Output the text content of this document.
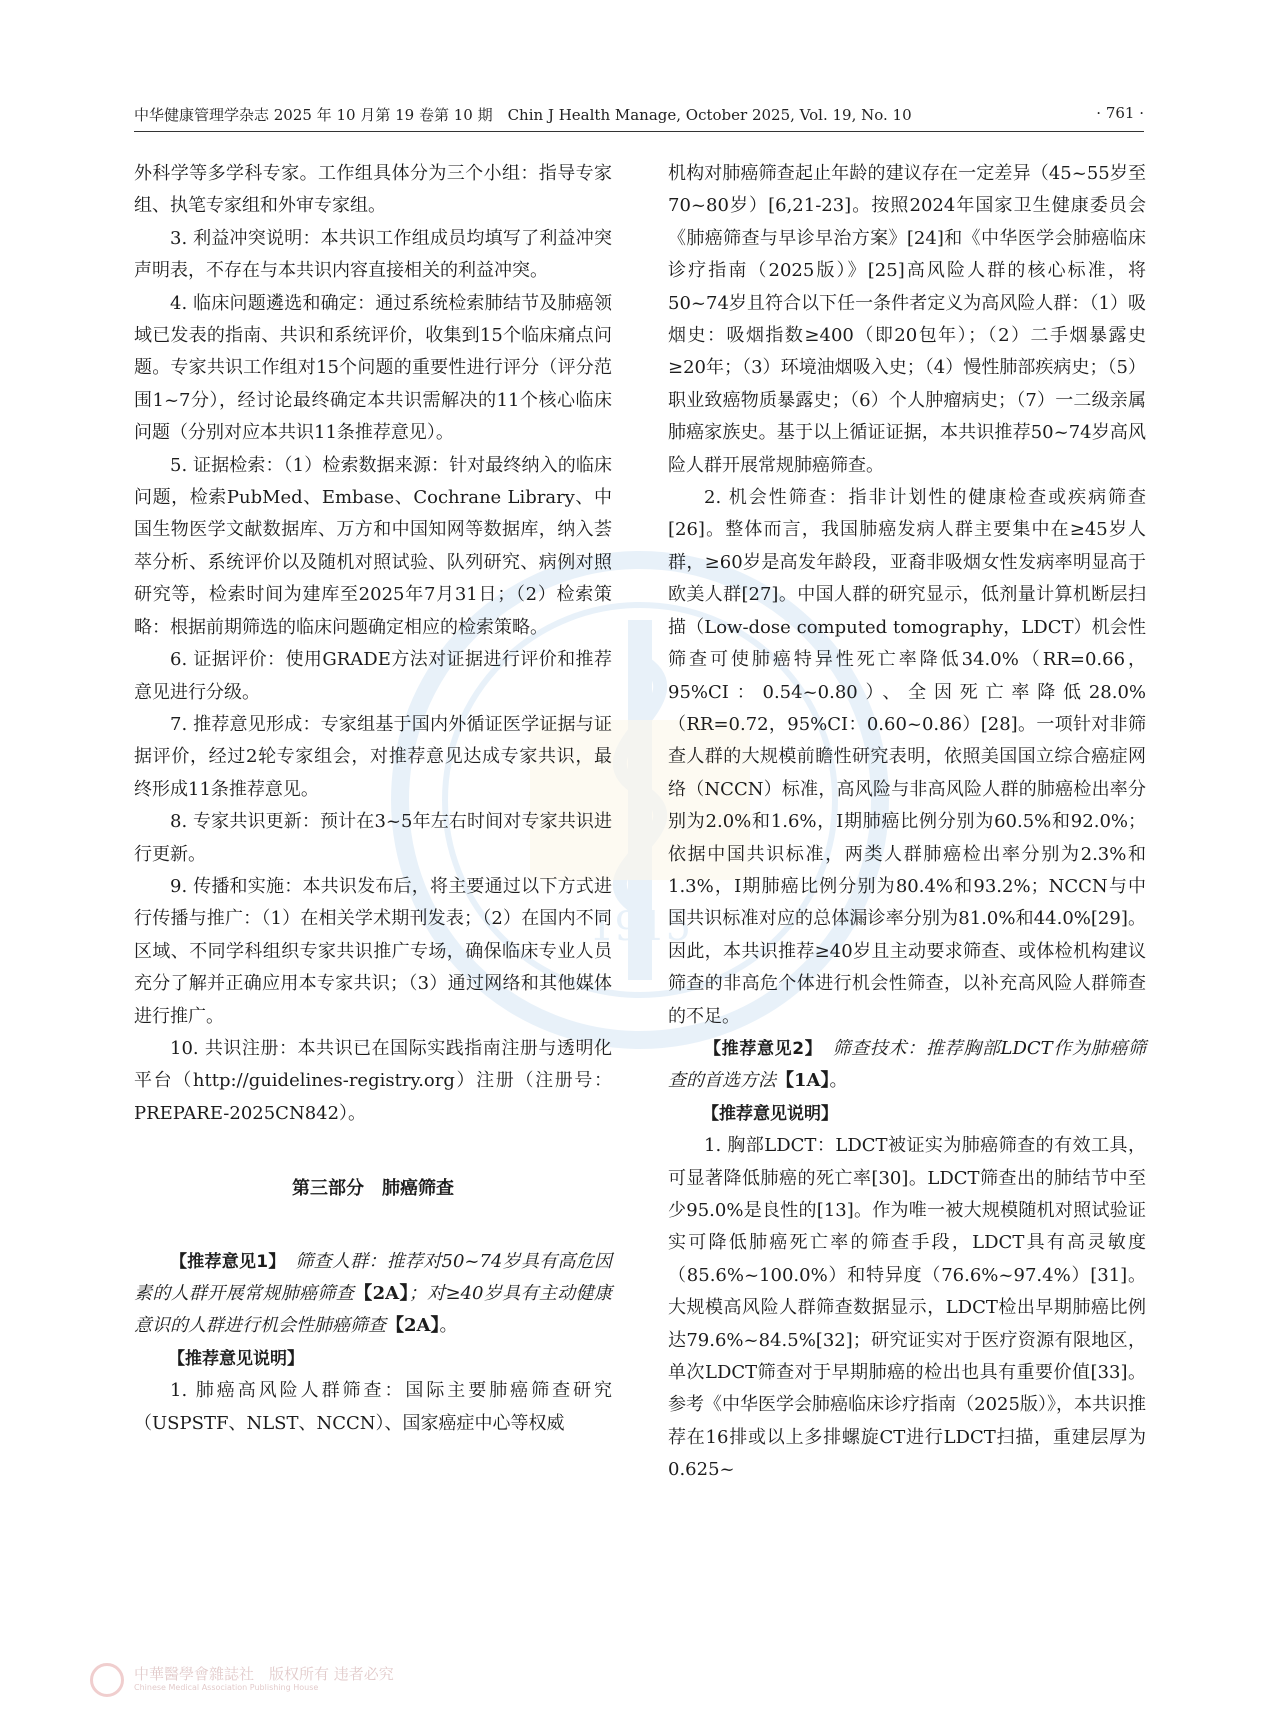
1915
中华健康管理学杂志 2025 年 10 月第 19 卷第 10 期　Chin J Health Manage, October 2025, Vol. 19, No. 10	· 761 ·

外科学等多学科专家。工作组具体分为三个小组：指导专家组、执笔专家组和外审专家组。

3. 利益冲突说明：本共识工作组成员均填写了利益冲突声明表，不存在与本共识内容直接相关的利益冲突。

4. 临床问题遴选和确定：通过系统检索肺结节及肺癌领域已发表的指南、共识和系统评价，收集到15个临床痛点问题。专家共识工作组对15个问题的重要性进行评分（评分范围1~7分），经讨论最终确定本共识需解决的11个核心临床问题（分别对应本共识11条推荐意见）。

5. 证据检索：（1）检索数据来源：针对最终纳入的临床问题，检索PubMed、Embase、Cochrane Library、中国生物医学文献数据库、万方和中国知网等数据库，纳入荟萃分析、系统评价以及随机对照试验、队列研究、病例对照研究等，检索时间为建库至2025年7月31日；（2）检索策略：根据前期筛选的临床问题确定相应的检索策略。

6. 证据评价：使用GRADE方法对证据进行评价和推荐意见进行分级。

7. 推荐意见形成：专家组基于国内外循证医学证据与证据评价，经过2轮专家组会，对推荐意见达成专家共识，最终形成11条推荐意见。

8. 专家共识更新：预计在3~5年左右时间对专家共识进行更新。

9. 传播和实施：本共识发布后，将主要通过以下方式进行传播与推广：（1）在相关学术期刊发表；（2）在国内不同区域、不同学科组织专家共识推广专场，确保临床专业人员充分了解并正确应用本专家共识；（3）通过网络和其他媒体进行推广。

10. 共识注册：本共识已在国际实践指南注册与透明化平台（http://guidelines-registry.org）注册（注册号：PREPARE-2025CN842）。

第三部分　肺癌筛查

【推荐意见1】　筛查人群：推荐对50~74岁具有高危因素的人群开展常规肺癌筛查【2A】；对≥40岁具有主动健康意识的人群进行机会性肺癌筛查【2A】。

【推荐意见说明】

1. 肺癌高风险人群筛查：国际主要肺癌筛查研究（USPSTF、NLST、NCCN）、国家癌症中心等权威

机构对肺癌筛查起止年龄的建议存在一定差异（45~55岁至70~80岁）[6,21-23]。按照2024年国家卫生健康委员会《肺癌筛查与早诊早治方案》[24]和《中华医学会肺癌临床诊疗指南（2025版）》[25]高风险人群的核心标准，将50~74岁且符合以下任一条件者定义为高风险人群：（1）吸烟史：吸烟指数≥400（即20包年）；（2）二手烟暴露史≥20年；（3）环境油烟吸入史；（4）慢性肺部疾病史；（5）职业致癌物质暴露史；（6）个人肿瘤病史；（7）一二级亲属肺癌家族史。基于以上循证证据，本共识推荐50~74岁高风险人群开展常规肺癌筛查。

2. 机会性筛查：指非计划性的健康检查或疾病筛查[26]。整体而言，我国肺癌发病人群主要集中在≥45岁人群，≥60岁是高发年龄段，亚裔非吸烟女性发病率明显高于欧美人群[27]。中国人群的研究显示，低剂量计算机断层扫描（Low-dose computed tomography，LDCT）机会性筛查可使肺癌特异性死亡率降低34.0%（RR=0.66，95%CI：0.54~0.80）、全因死亡率降低28.0%（RR=0.72，95%CI：0.60~0.86）[28]。一项针对非筛查人群的大规模前瞻性研究表明，依照美国国立综合癌症网络（NCCN）标准，高风险与非高风险人群的肺癌检出率分别为2.0%和1.6%，Ⅰ期肺癌比例分别为60.5%和92.0%；依据中国共识标准，两类人群肺癌检出率分别为2.3%和1.3%，Ⅰ期肺癌比例分别为80.4%和93.2%；NCCN与中国共识标准对应的总体漏诊率分别为81.0%和44.0%[29]。因此，本共识推荐≥40岁且主动要求筛查、或体检机构建议筛查的非高危个体进行机会性筛查，以补充高风险人群筛查的不足。

【推荐意见2】　筛查技术：推荐胸部LDCT作为肺癌筛查的首选方法【1A】。

【推荐意见说明】

1. 胸部LDCT：LDCT被证实为肺癌筛查的有效工具，可显著降低肺癌的死亡率[30]。LDCT筛查出的肺结节中至少95.0%是良性的[13]。作为唯一被大规模随机对照试验证实可降低肺癌死亡率的筛查手段，LDCT具有高灵敏度（85.6%~100.0%）和特异度（76.6%~97.4%）[31]。大规模高风险人群筛查数据显示，LDCT检出早期肺癌比例达79.6%~84.5%[32]；研究证实对于医疗资源有限地区，单次LDCT筛查对于早期肺癌的检出也具有重要价值[33]。参考《中华医学会肺癌临床诊疗指南（2025版）》，本共识推荐在16排或以上多排螺旋CT进行LDCT扫描，重建层厚为0.625~

中華醫學會雜誌社　版权所有 违者必究
Chinese Medical Association Publishing House
